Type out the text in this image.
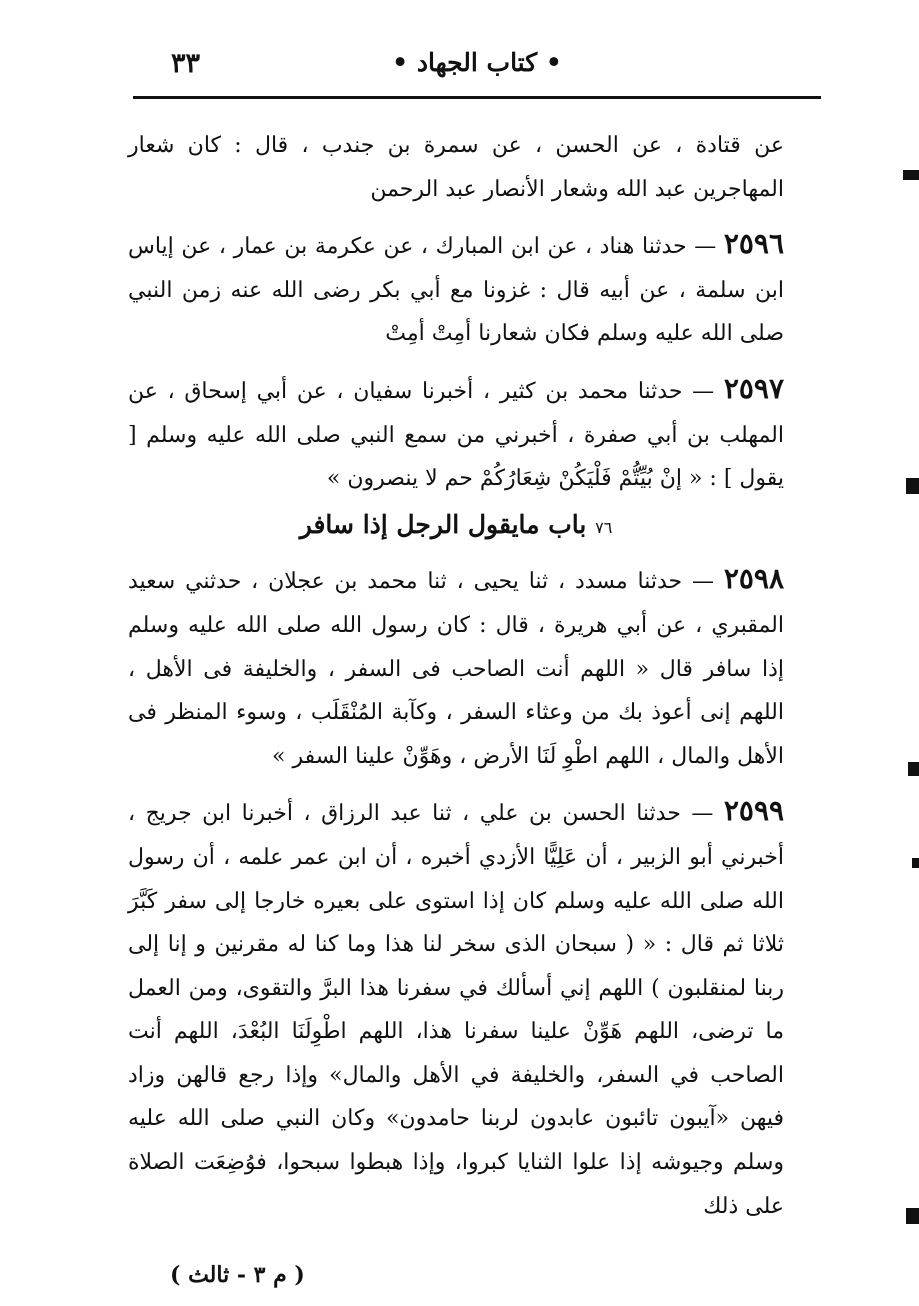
• كتاب الجهاد •
٣٣

عن قتادة ، عن الحسن ، عن سمرة بن جندب ، قال : كان شعار المهاجرين عبد الله وشعار الأنصار عبد الرحمن

٢٥٩٦ — حدثنا هناد ، عن ابن المبارك ، عن عكرمة بن عمار ، عن إياس ابن سلمة ، عن أبيه قال : غزونا مع أبي بكر رضى الله عنه زمن النبي صلى الله عليه وسلم فكان شعارنا أمِتْ أمِتْ

٢٥٩٧ — حدثنا محمد بن كثير ، أخبرنا سفيان ، عن أبي إسحاق ، عن المهلب بن أبي صفرة ، أخبرني من سمع النبي صلى الله عليه وسلم [ يقول ] : « إنْ بُيِّتُّمْ فَلْيَكُنْ شِعَارُكُمْ حم لا ينصرون »

٧٦ باب مايقول الرجل إذا سافر

٢٥٩٨ — حدثنا مسدد ، ثنا يحيى ، ثنا محمد بن عجلان ، حدثني سعيد المقبري ، عن أبي هريرة ، قال : كان رسول الله صلى الله عليه وسلم إذا سافر قال « اللهم أنت الصاحب فى السفر ، والخليفة فى الأهل ، اللهم إنى أعوذ بك من وعثاء السفر ، وكآبة المُنْقَلَب ، وسوء المنظر فى الأهل والمال ، اللهم اطْوِ لَنَا الأرض ، وهَوِّنْ علينا السفر »

٢٥٩٩ — حدثنا الحسن بن علي ، ثنا عبد الرزاق ، أخبرنا ابن جريج ، أخبرني أبو الزبير ، أن عَلِيًّا الأزدي أخبره ، أن ابن عمر علمه ، أن رسول الله صلى الله عليه وسلم كان إذا استوى على بعيره خارجا إلى سفر كَبَّرَ ثلاثا ثم قال : « ( سبحان الذى سخر لنا هذا وما كنا له مقرنين و إنا إلى ربنا لمنقلبون ) اللهم إني أسألك في سفرنا هذا البرَّ والتقوى، ومن العمل ما ترضى، اللهم هَوِّنْ علينا سفرنا هذا، اللهم اطْوِلَنَا البُعْدَ، اللهم أنت الصاحب في السفر، والخليفة في الأهل والمال» وإذا رجع قالهن وزاد فيهن «آيبون تائبون عابدون لربنا حامدون» وكان النبي صلى الله عليه وسلم وجيوشه إذا علوا الثنايا كبروا، وإذا هبطوا سبحوا، فوُضِعَت الصلاة على ذلك

( م ٣ - ثالث )
